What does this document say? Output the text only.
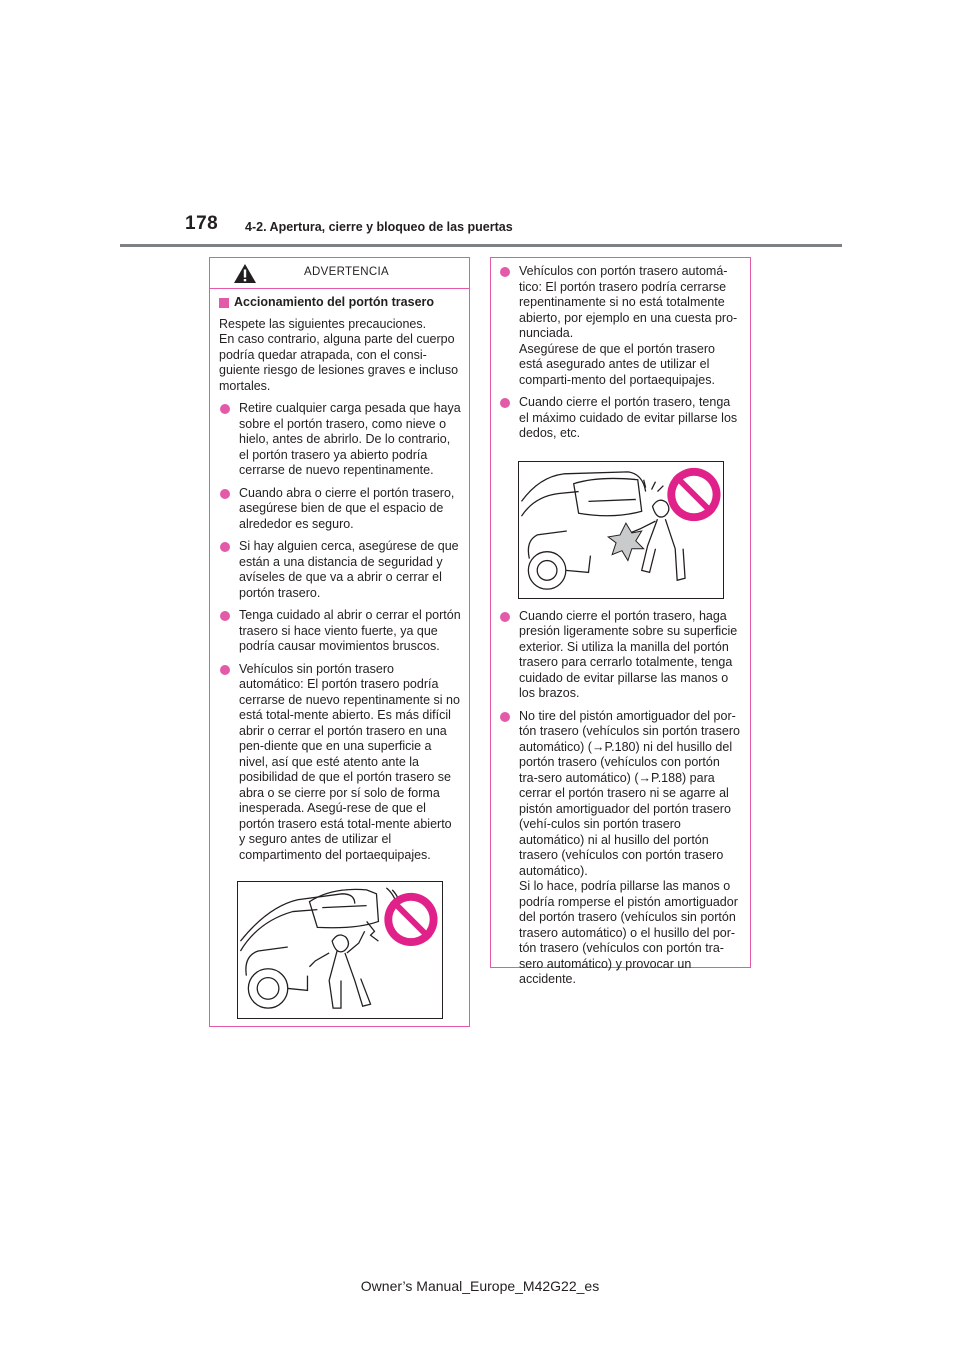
178 4-2. Apertura, cierre y bloqueo de las puertas
ADVERTENCIA
Accionamiento del portón trasero
Respete las siguientes precauciones.
En caso contrario, alguna parte del cuerpo podría quedar atrapada, con el consi-guiente riesgo de lesiones graves e incluso mortales.
Retire cualquier carga pesada que haya sobre el portón trasero, como nieve o hielo, antes de abrirlo. De lo contrario, el portón trasero ya abierto podría cerrarse de nuevo repentinamente.
Cuando abra o cierre el portón trasero, asegúrese bien de que el espacio de alrededor es seguro.
Si hay alguien cerca, asegúrese de que están a una distancia de seguridad y avíseles de que va a abrir o cerrar el portón trasero.
Tenga cuidado al abrir o cerrar el portón trasero si hace viento fuerte, ya que podría causar movimientos bruscos.
Vehículos sin portón trasero automático: El portón trasero podría cerrarse de nuevo repentinamente si no está total-mente abierto. Es más difícil abrir o cerrar el portón trasero en una pen-diente que en una superficie a nivel, así que esté atento ante la posibilidad de que el portón trasero se abra o se cierre por sí solo de forma inesperada. Asegú-rese de que el portón trasero está total-mente abierto y seguro antes de utilizar el compartimento del portaequipajes.
Vehículos con portón trasero automá-tico: El portón trasero podría cerrarse repentinamente si no está totalmente abierto, por ejemplo en una cuesta pro-nunciada.
Asegúrese de que el portón trasero está asegurado antes de utilizar el comparti-mento del portaequipajes.
Cuando cierre el portón trasero, tenga el máximo cuidado de evitar pillarse los dedos, etc.
Cuando cierre el portón trasero, haga presión ligeramente sobre su superficie exterior. Si utiliza la manilla del portón trasero para cerrarlo totalmente, tenga cuidado de evitar pillarse las manos o los brazos.
No tire del pistón amortiguador del por-tón trasero (vehículos sin portón trasero automático) (→P.180) ni del husillo del portón trasero (vehículos con portón tra-sero automático) (→P.188) para cerrar el portón trasero ni se agarre al pistón amortiguador del portón trasero (vehí-culos sin portón trasero automático) ni al husillo del portón trasero (vehículos con portón trasero automático).
Si lo hace, podría pillarse las manos o podría romperse el pistón amortiguador del portón trasero (vehículos sin portón trasero automático) o el husillo del por-tón trasero (vehículos con portón tra-sero automático) y provocar un accidente.
Owner’s Manual_Europe_M42G22_es
